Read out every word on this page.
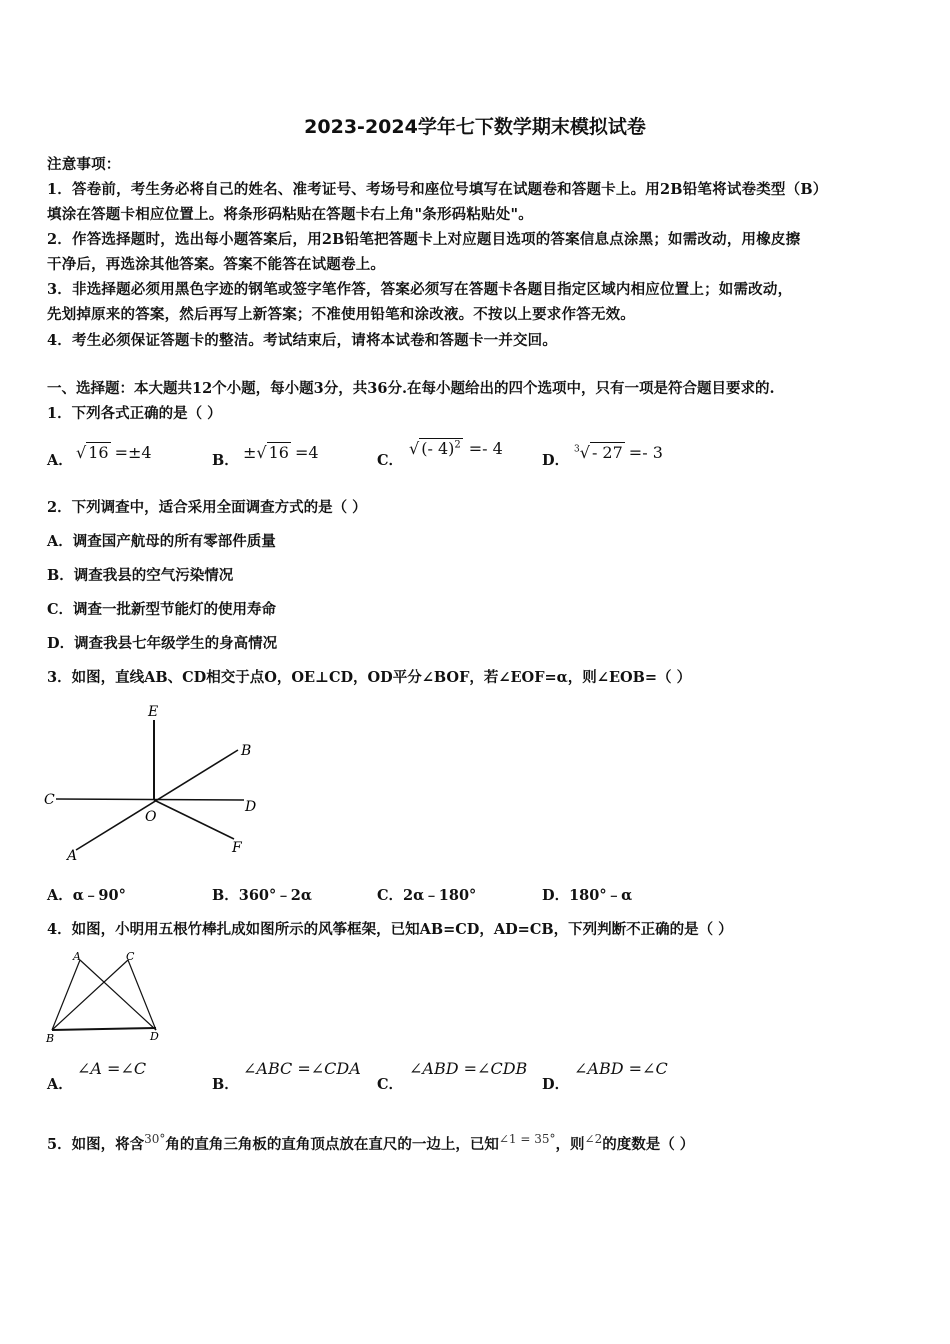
2023-2024学年七下数学期末模拟试卷
注意事项：
1．答卷前，考生务必将自己的姓名、准考证号、考场号和座位号填写在试题卷和答题卡上。用2B铅笔将试卷类型（B）
填涂在答题卡相应位置上。将条形码粘贴在答题卡右上角"条形码粘贴处"。
2．作答选择题时，选出每小题答案后，用2B铅笔把答题卡上对应题目选项的答案信息点涂黑；如需改动，用橡皮擦
干净后，再选涂其他答案。答案不能答在试题卷上。
3．非选择题必须用黑色字迹的钢笔或签字笔作答，答案必须写在答题卡各题目指定区域内相应位置上；如需改动，
先划掉原来的答案，然后再写上新答案；不准使用铅笔和涂改液。不按以上要求作答无效。
4．考生必须保证答题卡的整洁。考试结束后，请将本试卷和答题卡一并交回。
一、选择题：本大题共12个小题，每小题3分，共36分.在每小题给出的四个选项中，只有一项是符合题目要求的.
1．下列各式正确的是（ ）
A． √ 16 =±4	B． ±√ 16 =4	C．
√ (- 4)$^2$ =- 4
D．
$^3$√ - 27 =- 3
2．下列调查中，适合采用全面调查方式的是（ ）
A．调查国产航母的所有零部件质量
B．调查我县的空气污染情况
C．调查一批新型节能灯的使用寿命
D．调查我县七年级学生的身高情况
3．如图，直线AB、CD相交于点O，OE⊥CD，OD平分∠BOF，若∠EOF=α，则∠EOB=（ ）
E
B
C	D
O
A	F
A．α﹣90°	B．360°﹣2α	C．2α﹣180°	D．180°﹣α
4．如图，小明用五根竹棒扎成如图所示的风筝框架，已知AB=CD，AD=CB，下列判断不正确的是（ ）
A	C
B	D
A．
∠A =∠C
B．
∠ABC =∠CDA
C．
∠ABD =∠CDB
D．
∠ABD =∠C
5．如图，将含$^{30^\circ}$角的直角三角板的直角顶点放在直尺的一边上，已知$^{\angle 1 = 35^\circ}$，则$^{\angle 2}$的度数是（ ）
